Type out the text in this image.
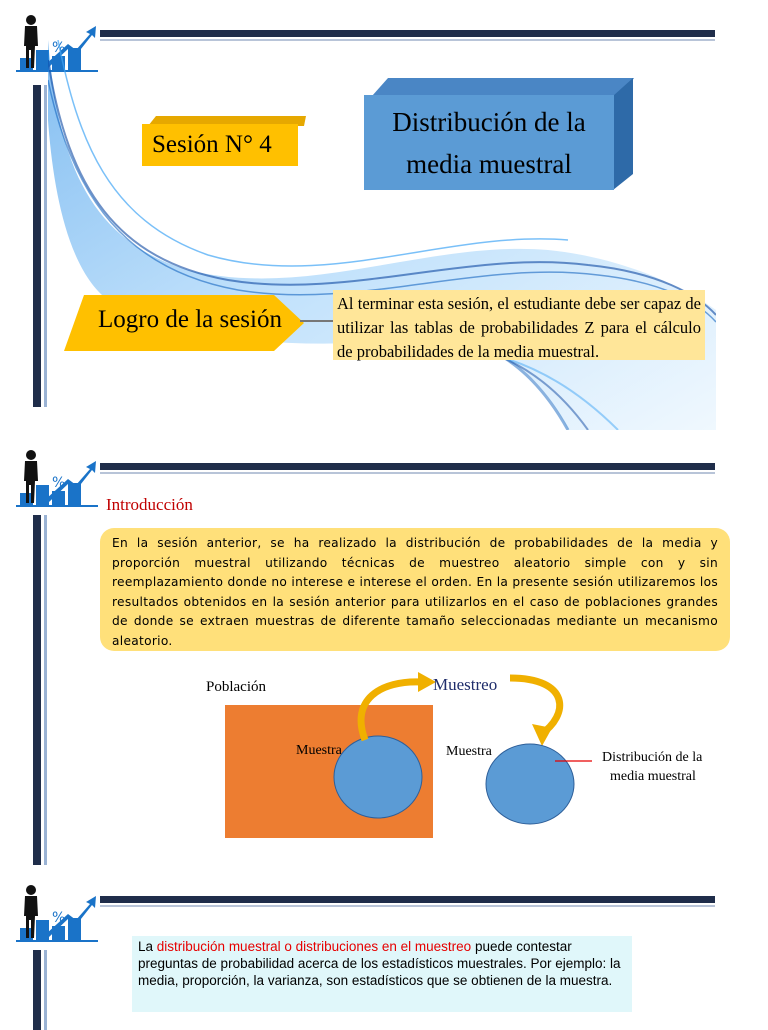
Distribución de la
media muestral
Sesión N° 4
Logro de la sesión
Al terminar esta sesión, el estudiante debe ser capaz de utilizar las tablas de probabilidades Z para el cálculo de probabilidades de la media muestral.
Introducción
En la sesión anterior, se ha realizado la distribución de probabilidades de la media y proporción muestral utilizando técnicas de muestreo aleatorio simple con y sin reemplazamiento donde no interese e interese el orden. En la presente sesión utilizaremos los resultados obtenidos en la sesión anterior para utilizarlos en el caso de poblaciones grandes de donde se extraen muestras de diferente tamaño seleccionadas mediante un mecanismo aleatorio.
Población
Muestra
Muestreo
Muestra	Distribución de la
media muestral
La distribución muestral o distribuciones en el muestreo puede contestar preguntas de probabilidad acerca de los estadísticos muestrales. Por ejemplo: la media, proporción, la varianza, son estadísticos que se obtienen de la muestra.
